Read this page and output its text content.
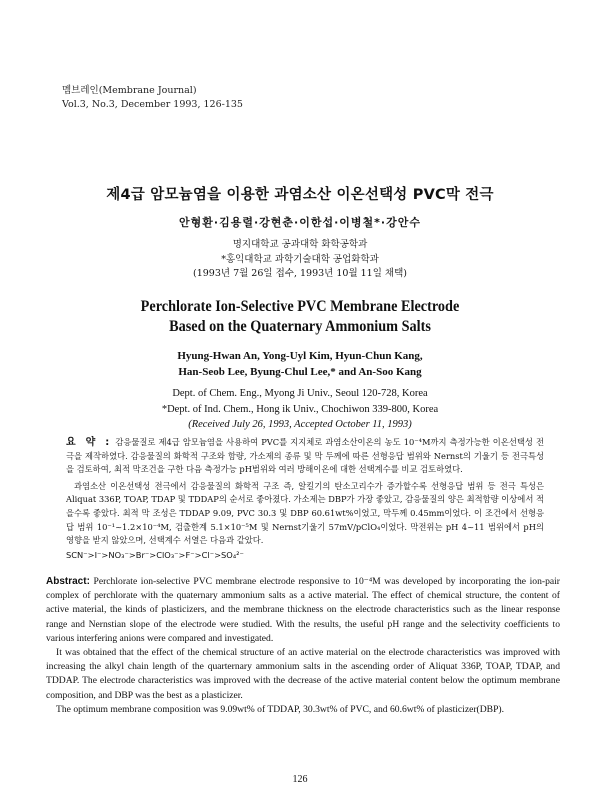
멤브레인(Membrane Journal)
Vol.3, No.3, December 1993, 126-135
제4급 암모늄염을 이용한 과염소산 이온선택성 PVC막 전극
안형환·김용렬·강현춘·이한섭·이병철*·강안수
명지대학교 공과대학 화학공학과
*홍익대학교 과학기술대학 공업화학과
(1993년 7월 26일 접수, 1993년 10월 11일 채택)
Perchlorate Ion-Selective PVC Membrane Electrode
Based on the Quaternary Ammonium Salts
Hyung-Hwan An, Yong-Uyl Kim, Hyun-Chun Kang,
Han-Seob Lee, Byung-Chul Lee,* and An-Soo Kang
Dept. of Chem. Eng., Myong Ji Univ., Seoul 120-728, Korea
*Dept. of Ind. Chem., Hong ik Univ., Chochiwon 339-800, Korea
(Received July 26, 1993, Accepted October 11, 1993)

요 약 : 감응물질로 제4급 암모늄염을 사용하여 PVC를 지지체로 과염소산이온의 농도 10⁻⁴M까지 측정가능한 이온선택성 전극을 제작하였다. 감응물질의 화학적 구조와 함량, 가소제의 종류 및 막 두께에 따른 선형응답 범위와 Nernst의 기울기 등 전극특성을 검토하여, 최적 막조건을 구한 다음 측정가능 pH범위와 여러 방해이온에 대한 선택계수를 비교 검토하였다.

과염소산 이온선택성 전극에서 감응물질의 화학적 구조 즉, 알킬기의 탄소고리수가 증가할수록 선형응답 범위 등 전극 특성은 Aliquat 336P, TOAP, TDAP 및 TDDAP의 순서로 좋아졌다. 가소제는 DBP가 가장 좋았고, 감응물질의 양은 최적함량 이상에서 적을수록 좋았다. 최적 막 조성은 TDDAP 9.09, PVC 30.3 및 DBP 60.61wt%이었고, 막두께 0.45mm이었다. 이 조건에서 선형응답 범위 10⁻¹~1.2×10⁻⁴M, 검출한계 5.1×10⁻⁵M 및 Nernst기울기 57mV/pClO₄이었다. 막전위는 pH 4~11 범위에서 pH의 영향을 받지 않았으며, 선택계수 서열은 다음과 같았다.

SCN⁻>I⁻>NO₃⁻>Br⁻>ClO₃⁻>F⁻>Cl⁻>SO₄²⁻

Abstract: Perchlorate ion-selective PVC membrane electrode responsive to 10⁻⁴M was developed by incorporating the ion-pair complex of perchlorate with the quaternary ammonium salts as a active material. The effect of chemical structure, the content of active material, the kinds of plasticizers, and the membrane thickness on the electrode characteristics such as the linear response range and Nernstian slope of the electrode were studied. With the results, the useful pH range and the selectivity coefficients to various interfering anions were compared and investigated.

It was obtained that the effect of the chemical structure of an active material on the electrode characteristics was improved with increasing the alkyl chain length of the quarternary ammonium salts in the ascending order of Aliquat 336P, TOAP, TDAP, and TDDAP. The electrode characteristics was improved with the decrease of the active material content below the optimum membrane composition, and DBP was the best as a plasticizer.

The optimum membrane composition was 9.09wt% of TDDAP, 30.3wt% of PVC, and 60.6wt% of plasticizer(DBP).

126
